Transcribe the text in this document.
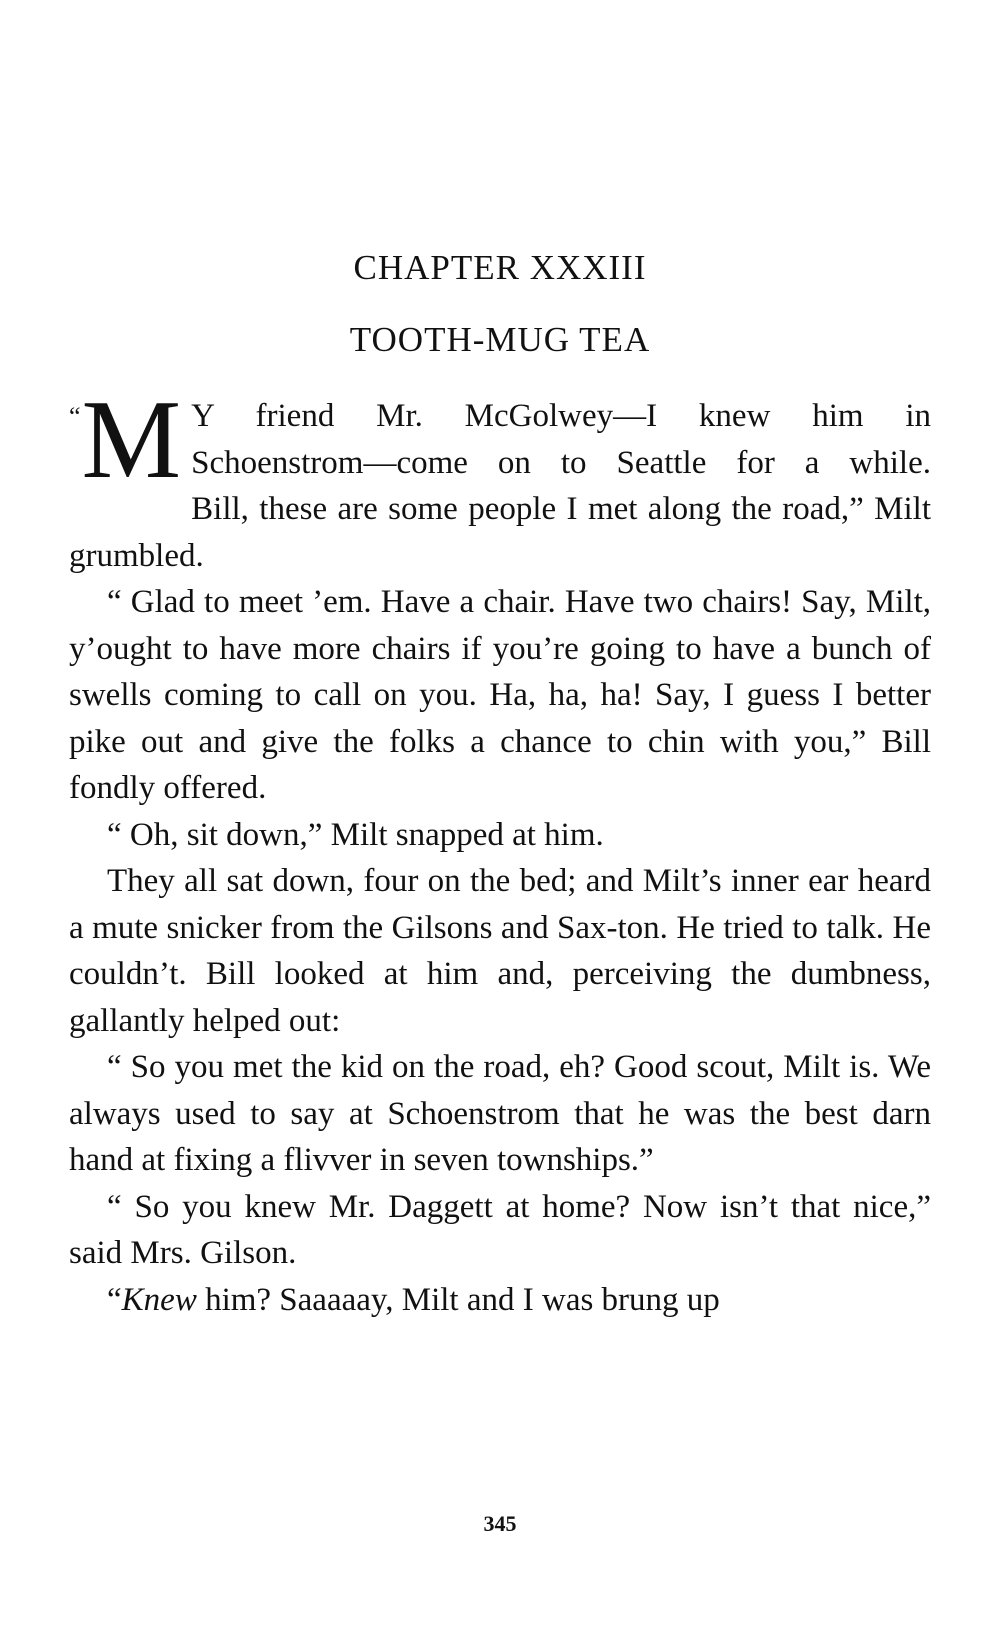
CHAPTER XXXIII
TOOTH-MUG TEA

“M Y friend Mr. McGolwey—I knew him in
Schoenstrom—come on to Seattle for a while.
Bill, these are some people I met along the road,” Milt grumbled.

“ Glad to meet ’em. Have a chair. Have two chairs! Say, Milt, y’ought to have more chairs if you’re going to have a bunch of swells coming to call on you. Ha, ha, ha! Say, I guess I better pike out and give the folks a chance to chin with you,” Bill fondly offered.

“ Oh, sit down,” Milt snapped at him.

They all sat down, four on the bed; and Milt’s inner ear heard a mute snicker from the Gilsons and Sax-ton. He tried to talk. He couldn’t. Bill looked at him and, perceiving the dumbness, gallantly helped out:

“ So you met the kid on the road, eh? Good scout, Milt is. We always used to say at Schoenstrom that he was the best darn hand at fixing a flivver in seven townships.”

“ So you knew Mr. Daggett at home? Now isn’t that nice,” said Mrs. Gilson.

“Knew him? Saaaaay, Milt and I was brung up

345
